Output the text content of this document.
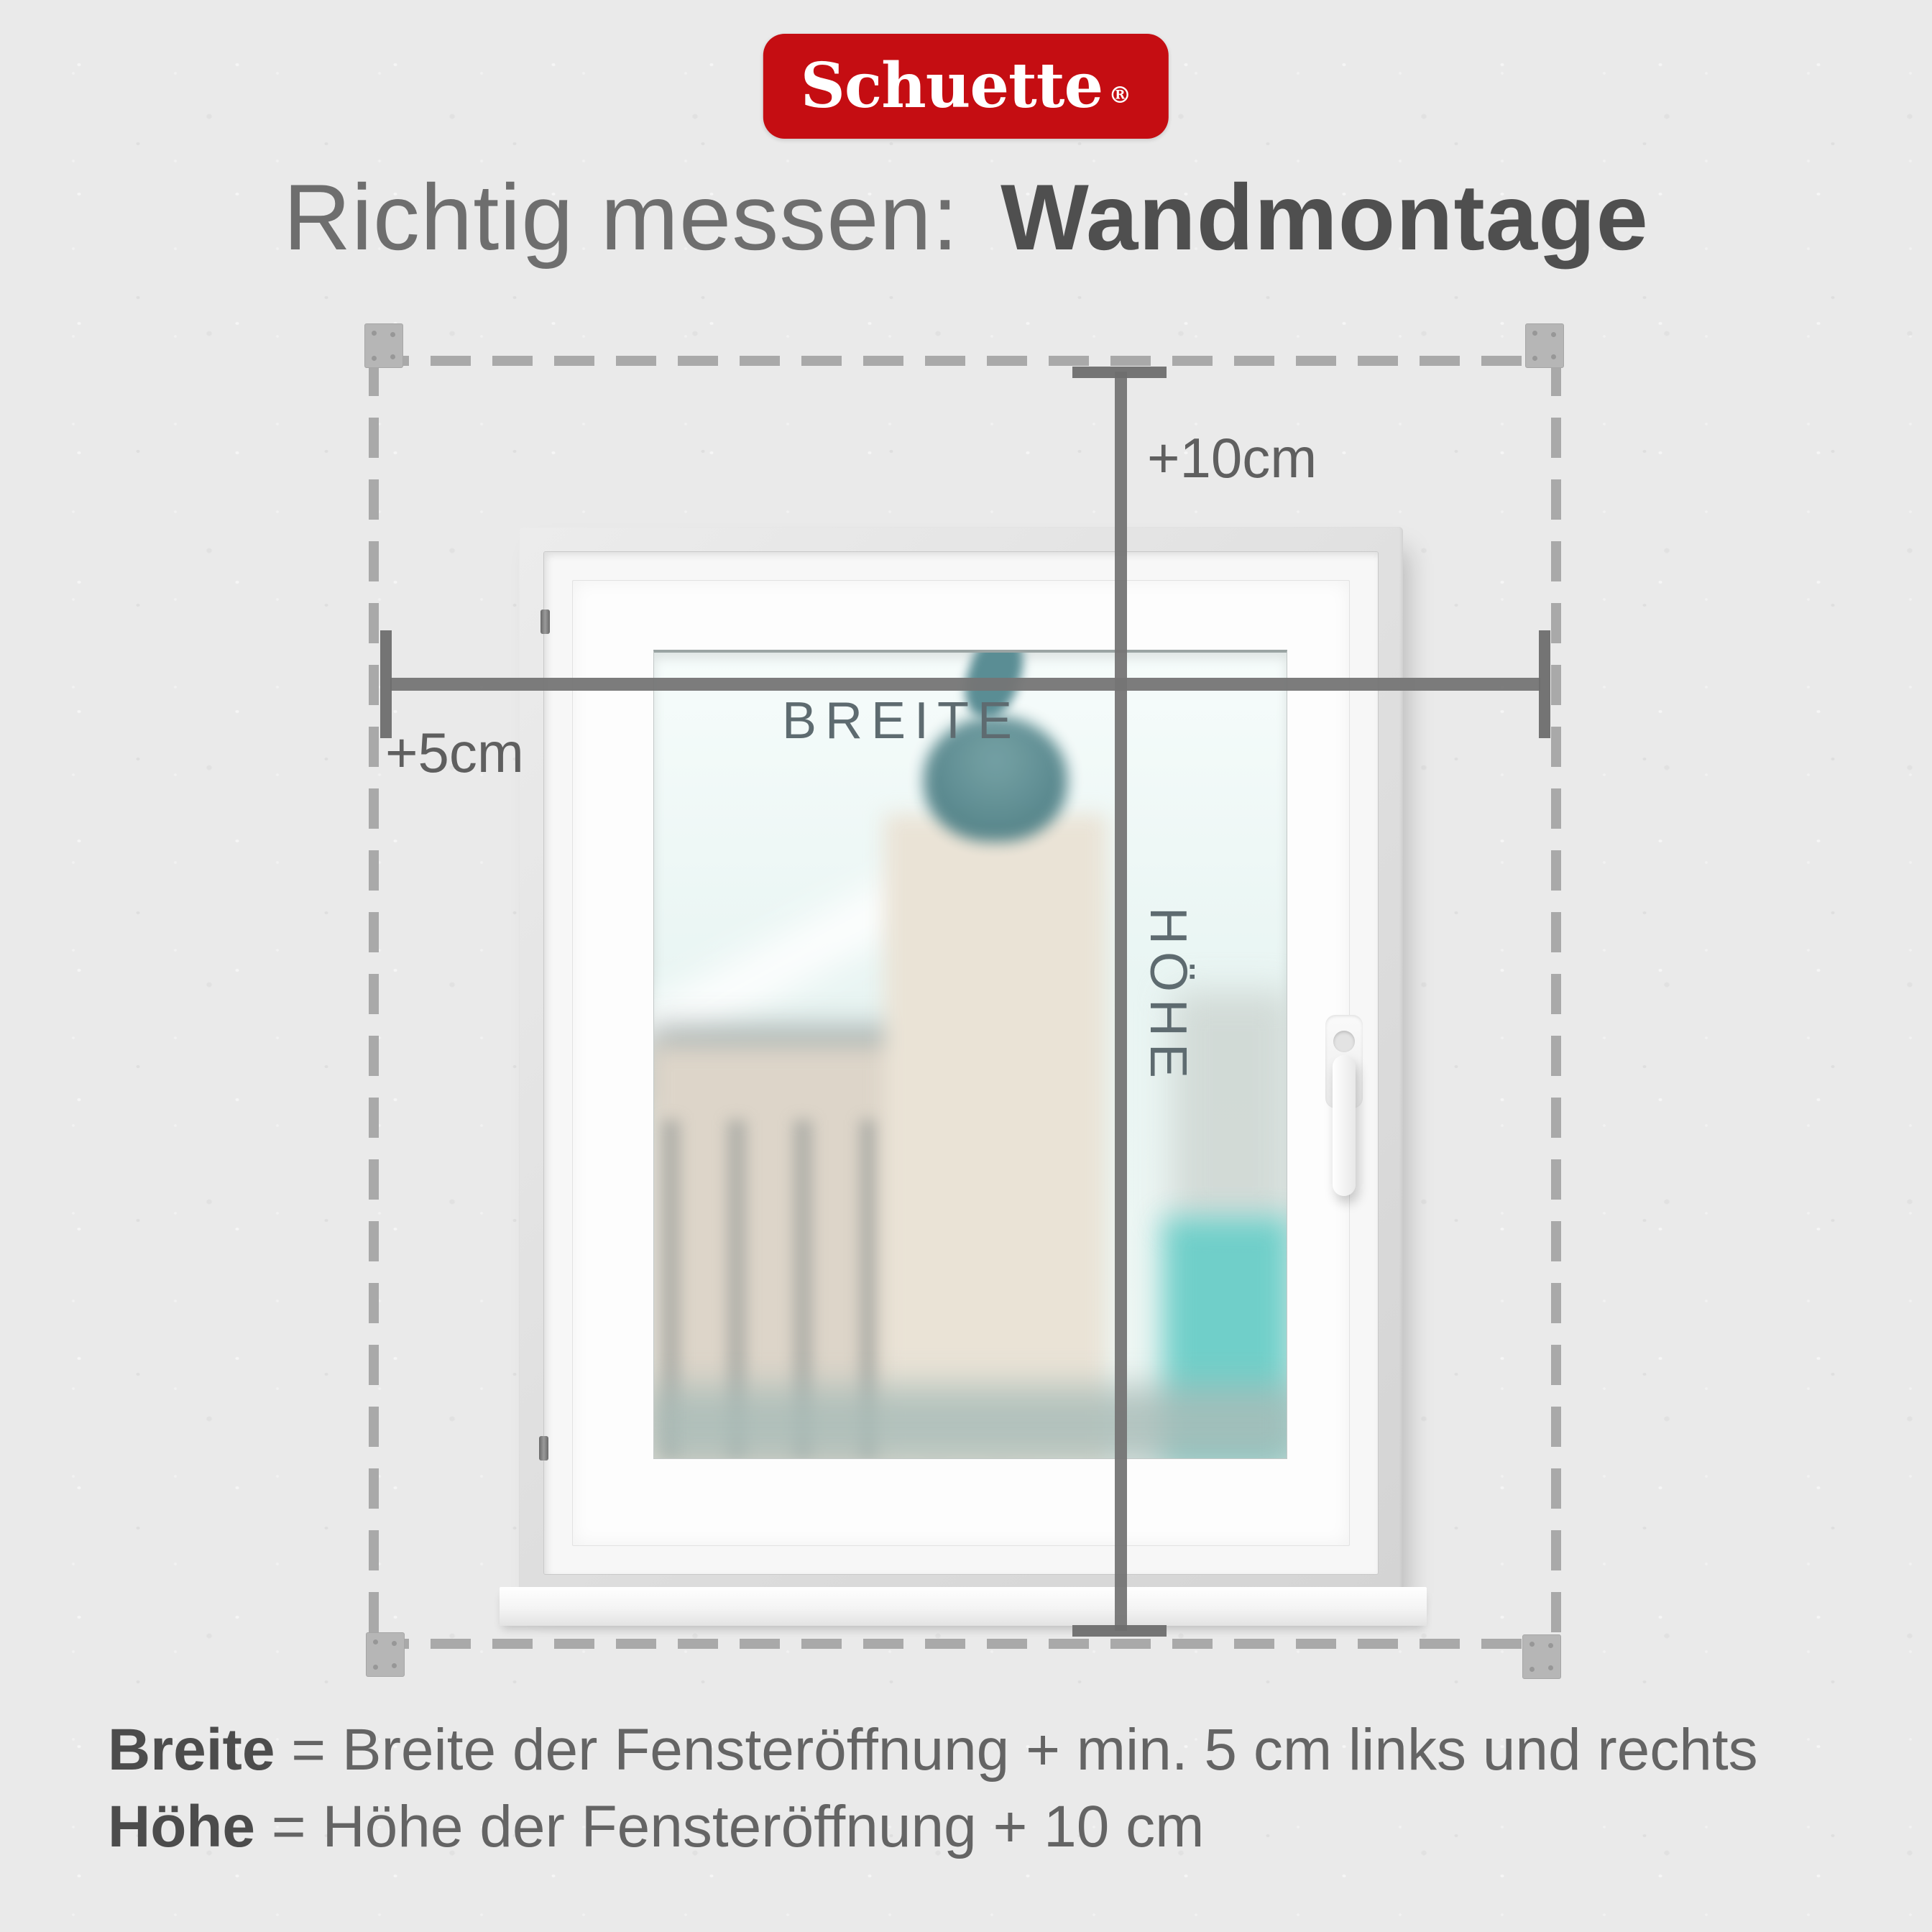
Schuette ®
Richtig messen: Wandmontage
+10cm
+5cm	BREITE
HÖHE
Breite = Breite der Fensteröffnung + min. 5 cm links und rechts
Höhe = Höhe der Fensteröffnung + 10 cm
